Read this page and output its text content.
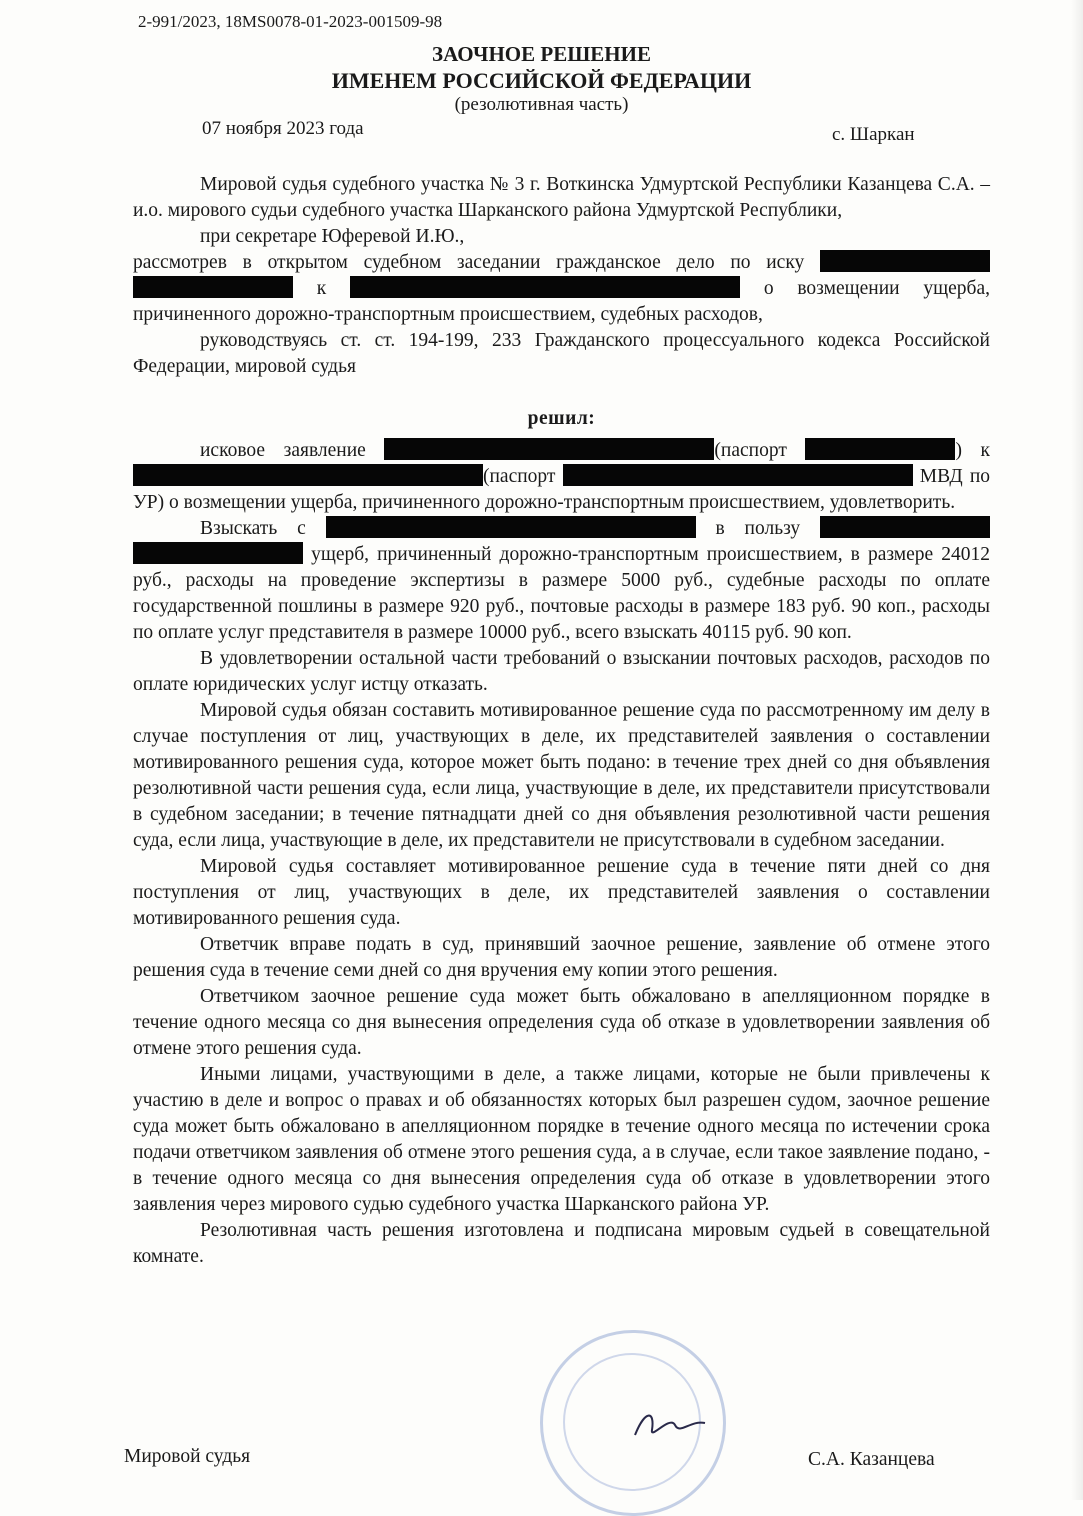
2-991/2023, 18MS0078-01-2023-001509-98
ЗАОЧНОЕ РЕШЕНИЕ
ИМЕНЕМ РОССИЙСКОЙ ФЕДЕРАЦИИ
(резолютивная часть)
07 ноября 2023 года	с. Шаркан

Мировой судья судебного участка № 3 г. Воткинска Удмуртской Республики Казанцева С.А. – и.о. мирового судьи судебного участка Шарканского района Удмуртской Республики,

при секретаре Юферевой И.Ю.,

рассмотрев в открытом судебном заседании гражданское дело по иску   к	о возмещении ущерба, причиненного дорожно-транспортным происшествием, судебных расходов,

руководствуясь ст. ст. 194-199, 233 Гражданского процессуального кодекса Российской Федерации, мировой судья

решил:

исковое заявление	(паспорт	) к (паспорт	МВД по УР) о возмещении ущерба, причиненного дорожно-транспортным происшествием, удовлетворить.

Взыскать с	в пользу   ущерб, причиненный дорожно-транспортным происшествием, в размере 24012 руб., расходы на проведение экспертизы в размере 5000 руб., судебные расходы по оплате государственной пошлины в размере 920 руб., почтовые расходы в размере 183 руб. 90 коп., расходы по оплате услуг представителя в размере 10000 руб., всего взыскать 40115 руб. 90 коп.

В удовлетворении остальной части требований о взыскании почтовых расходов, расходов по оплате юридических услуг истцу отказать.

Мировой судья обязан составить мотивированное решение суда по рассмотренному им делу в случае поступления от лиц, участвующих в деле, их представителей заявления о составлении мотивированного решения суда, которое может быть подано: в течение трех дней со дня объявления резолютивной части решения суда, если лица, участвующие в деле, их представители присутствовали в судебном заседании; в течение пятнадцати дней со дня объявления резолютивной части решения суда, если лица, участвующие в деле, их представители не присутствовали в судебном заседании.

Мировой судья составляет мотивированное решение суда в течение пяти дней со дня поступления от лиц, участвующих в деле, их представителей заявления о составлении мотивированного решения суда.

Ответчик вправе подать в суд, принявший заочное решение, заявление об отмене этого решения суда в течение семи дней со дня вручения ему копии этого решения.

Ответчиком заочное решение суда может быть обжаловано в апелляционном порядке в течение одного месяца со дня вынесения определения суда об отказе в удовлетворении заявления об отмене этого решения суда.

Иными лицами, участвующими в деле, а также лицами, которые не были привлечены к участию в деле и вопрос о правах и об обязанностях которых был разрешен судом, заочное решение суда может быть обжаловано в апелляционном порядке в течение одного месяца по истечении срока подачи ответчиком заявления об отмене этого решения суда, а в случае, если такое заявление подано, - в течение одного месяца со дня вынесения определения суда об отказе в удовлетворении этого заявления через мирового судью судебного участка Шарканского района УР.

Резолютивная часть решения изготовлена и подписана мировым судьей в совещательной комнате.

Мировой судья	С.А. Казанцева
